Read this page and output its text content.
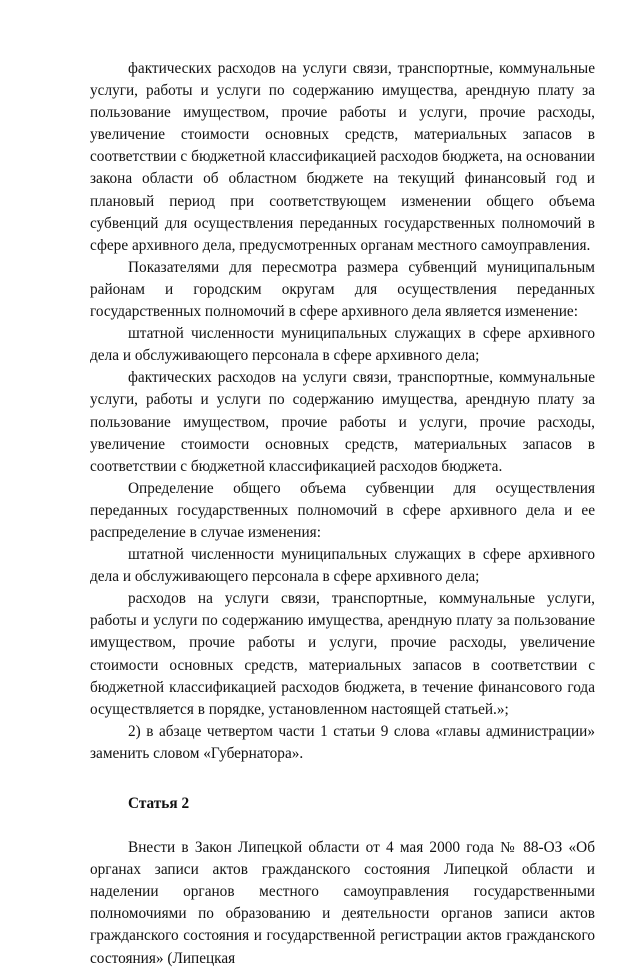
фактических расходов на услуги связи, транспортные, коммунальные услуги, работы и услуги по содержанию имущества, арендную плату за пользование имуществом, прочие работы и услуги, прочие расходы, увеличение стоимости основных средств, материальных запасов в соответствии с бюджетной классификацией расходов бюджета, на основании закона области об областном бюджете на текущий финансовый год и плановый период при соответствующем изменении общего объема субвенций для осуществления переданных государственных полномочий в сфере архивного дела, предусмотренных органам местного самоуправления.

Показателями для пересмотра размера субвенций муниципальным районам и городским округам для осуществления переданных государственных полномочий в сфере архивного дела является изменение:

штатной численности муниципальных служащих в сфере архивного дела и обслуживающего персонала в сфере архивного дела;

фактических расходов на услуги связи, транспортные, коммунальные услуги, работы и услуги по содержанию имущества, арендную плату за пользование имуществом, прочие работы и услуги, прочие расходы, увеличение стоимости основных средств, материальных запасов в соответствии с бюджетной классификацией расходов бюджета.

Определение общего объема субвенции для осуществления переданных государственных полномочий в сфере архивного дела и ее распределение в случае изменения:

штатной численности муниципальных служащих в сфере архивного дела и обслуживающего персонала в сфере архивного дела;

расходов на услуги связи, транспортные, коммунальные услуги, работы и услуги по содержанию имущества, арендную плату за пользование имуществом, прочие работы и услуги, прочие расходы, увеличение стоимости основных средств, материальных запасов в соответствии с бюджетной классификацией расходов бюджета, в течение финансового года осуществляется в порядке, установленном настоящей статьей.»;

2) в абзаце четвертом части 1 статьи 9 слова «главы администрации» заменить словом «Губернатора».

Статья 2

Внести в Закон Липецкой области от 4 мая 2000 года № 88-ОЗ «Об органах записи актов гражданского состояния Липецкой области и наделении органов местного самоуправления государственными полномочиями по образованию и деятельности органов записи актов гражданского состояния и государственной регистрации актов гражданского состояния» (Липецкая
